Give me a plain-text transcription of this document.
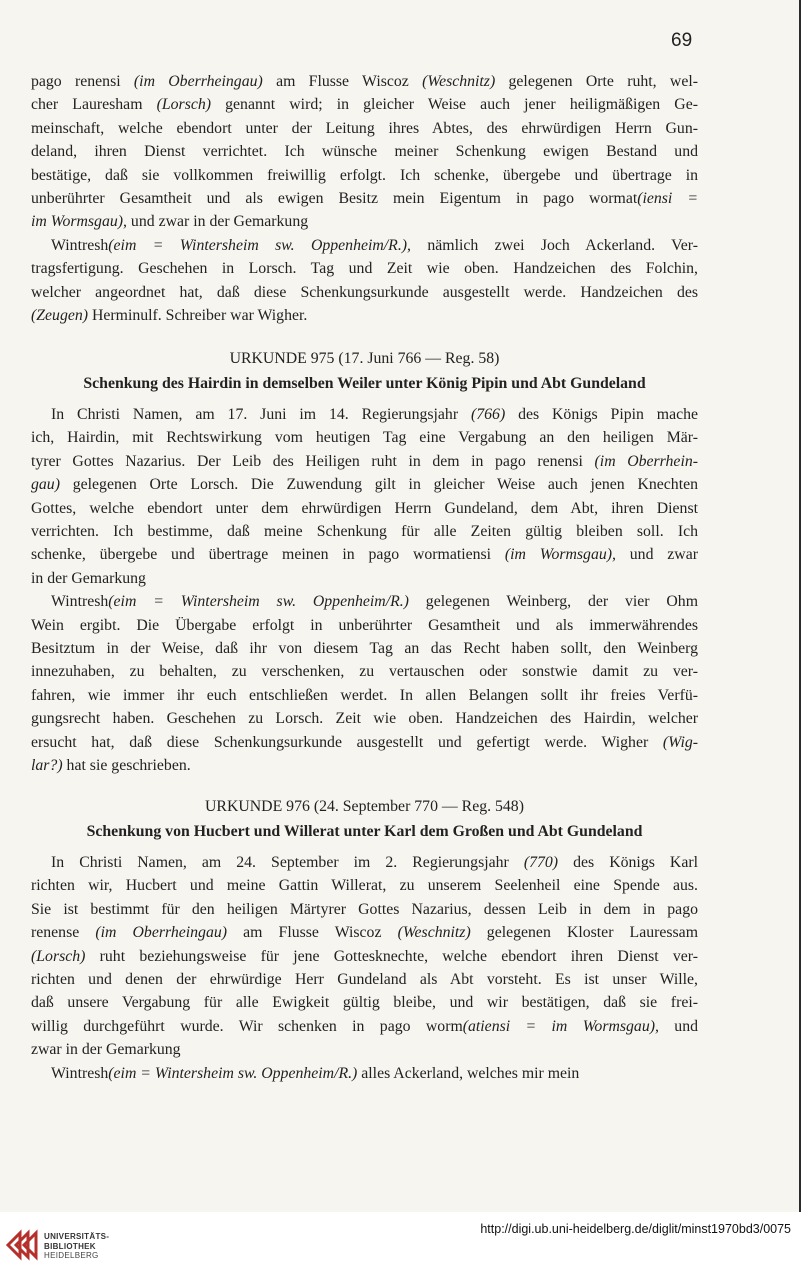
69
pago renensi (im Oberrheingau) am Flusse Wiscoz (Weschnitz) gelegenen Orte ruht, wel-
cher Lauresham (Lorsch) genannt wird; in gleicher Weise auch jener heiligmäßigen Ge-
meinschaft, welche ebendort unter der Leitung ihres Abtes, des ehrwürdigen Herrn Gun-
deland, ihren Dienst verrichtet. Ich wünsche meiner Schenkung ewigen Bestand und
bestätige, daß sie vollkommen freiwillig erfolgt. Ich schenke, übergebe und übertrage in
unberührter Gesamtheit und als ewigen Besitz mein Eigentum in pago wormat(iensi =
im Wormsgau), und zwar in der Gemarkung
Wintresh(eim = Wintersheim sw. Oppenheim/R.), nämlich zwei Joch Ackerland. Ver-
tragsfertigung. Geschehen in Lorsch. Tag und Zeit wie oben. Handzeichen des Folchin,
welcher angeordnet hat, daß diese Schenkungsurkunde ausgestellt werde. Handzeichen des
(Zeugen) Herminulf. Schreiber war Wigher.
URKUNDE 975 (17. Juni 766 — Reg. 58)
Schenkung des Hairdin in demselben Weiler unter König Pipin und Abt Gundeland
In Christi Namen, am 17. Juni im 14. Regierungsjahr (766) des Königs Pipin mache
ich, Hairdin, mit Rechtswirkung vom heutigen Tag eine Vergabung an den heiligen Mär-
tyrer Gottes Nazarius. Der Leib des Heiligen ruht in dem in pago renensi (im Oberrhein-
gau) gelegenen Orte Lorsch. Die Zuwendung gilt in gleicher Weise auch jenen Knechten
Gottes, welche ebendort unter dem ehrwürdigen Herrn Gundeland, dem Abt, ihren Dienst
verrichten. Ich bestimme, daß meine Schenkung für alle Zeiten gültig bleiben soll. Ich
schenke, übergebe und übertrage meinen in pago wormatiensi (im Wormsgau), und zwar
in der Gemarkung
Wintresh(eim = Wintersheim sw. Oppenheim/R.) gelegenen Weinberg, der vier Ohm
Wein ergibt. Die Übergabe erfolgt in unberührter Gesamtheit und als immerwährendes
Besitztum in der Weise, daß ihr von diesem Tag an das Recht haben sollt, den Weinberg
innezuhaben, zu behalten, zu verschenken, zu vertauschen oder sonstwie damit zu ver-
fahren, wie immer ihr euch entschließen werdet. In allen Belangen sollt ihr freies Verfü-
gungsrecht haben. Geschehen zu Lorsch. Zeit wie oben. Handzeichen des Hairdin, welcher
ersucht hat, daß diese Schenkungsurkunde ausgestellt und gefertigt werde. Wigher (Wig-
lar?) hat sie geschrieben.
URKUNDE 976 (24. September 770 — Reg. 548)
Schenkung von Hucbert und Willerat unter Karl dem Großen und Abt Gundeland
In Christi Namen, am 24. September im 2. Regierungsjahr (770) des Königs Karl
richten wir, Hucbert und meine Gattin Willerat, zu unserem Seelenheil eine Spende aus.
Sie ist bestimmt für den heiligen Märtyrer Gottes Nazarius, dessen Leib in dem in pago
renense (im Oberrheingau) am Flusse Wiscoz (Weschnitz) gelegenen Kloster Lauressam
(Lorsch) ruht beziehungsweise für jene Gottesknechte, welche ebendort ihren Dienst ver-
richten und denen der ehrwürdige Herr Gundeland als Abt vorsteht. Es ist unser Wille,
daß unsere Vergabung für alle Ewigkeit gültig bleibe, und wir bestätigen, daß sie frei-
willig durchgeführt wurde. Wir schenken in pago worm(atiensi = im Wormsgau), und
zwar in der Gemarkung
Wintresh(eim = Wintersheim sw. Oppenheim/R.) alles Ackerland, welches mir mein
UNIVERSITÄTS-
BIBLIOTHEK
HEIDELBERG
http://digi.ub.uni-heidelberg.de/diglit/minst1970bd3/0075
